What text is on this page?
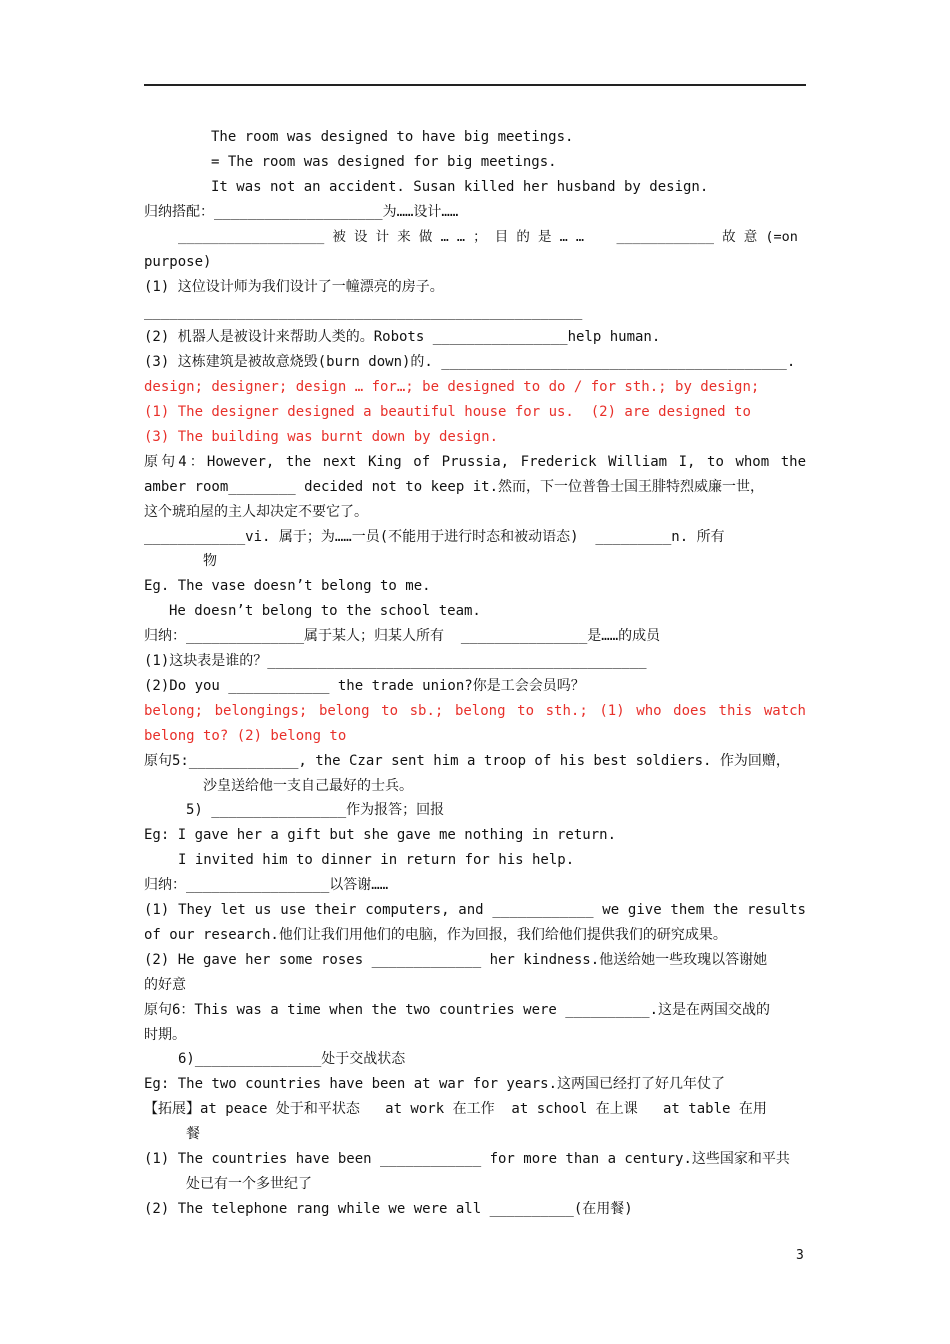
The room was designed to have big meetings.
= The room was designed for big meetings.
It was not an accident. Susan killed her husband by design.
归纳搭配：____________________为……设计……
__________________ 被 设 计 来 做 … … ； 目 的 是 … …    ____________ 故 意 (=on
purpose)
(1) 这位设计师为我们设计了一幢漂亮的房子。
____________________________________________________
(2) 机器人是被设计来帮助人类的。Robots ________________help human.
(3) 这栋建筑是被故意烧毁(burn down)的. _________________________________________.
design; designer; design … for…; be designed to do / for sth.; by design;
(1) The designer designed a beautiful house for us.  (2) are designed to
(3) The building was burnt down by design.
原句4：However, the next King of Prussia, Frederick William I, to whom the
amber room________ decided not to keep it.然而，下一位普鲁士国王腓特烈威廉一世，
这个琥珀屋的主人却决定不要它了。
____________vi. 属于；为……一员(不能用于进行时态和被动语态)  _________n. 所有
物
Eg. The vase doesn’t belong to me.
He doesn’t belong to the school team.
归纳：______________属于某人；归某人所有  _______________是……的成员
(1)这块表是谁的？_____________________________________________
(2)Do you ____________ the trade union?你是工会会员吗？
belong; belongings; belong to sb.; belong to sth.; (1) who does this watch
belong to? (2) belong to
原句5:_____________, the Czar sent him a troop of his best soldiers. 作为回赠，
沙皇送给他一支自己最好的士兵。
5) ________________作为报答；回报
Eg: I gave her a gift but she gave me nothing in return.
I invited him to dinner in return for his help.
归纳：_________________以答谢……
(1) They let us use their computers, and ____________ we give them the results
of our research.他们让我们用他们的电脑，作为回报，我们给他们提供我们的研究成果。
(2) He gave her some roses _____________ her kindness.他送给她一些玫瑰以答谢她
的好意
原句6：This was a time when the two countries were __________.这是在两国交战的
时期。
6)_______________处于交战状态
Eg: The two countries have been at war for years.这两国已经打了好几年仗了
【拓展】at peace 处于和平状态   at work 在工作  at school 在上课   at table 在用
餐
(1) The countries have been ____________ for more than a century.这些国家和平共
处已有一个多世纪了
(2) The telephone rang while we were all __________(在用餐)
3
